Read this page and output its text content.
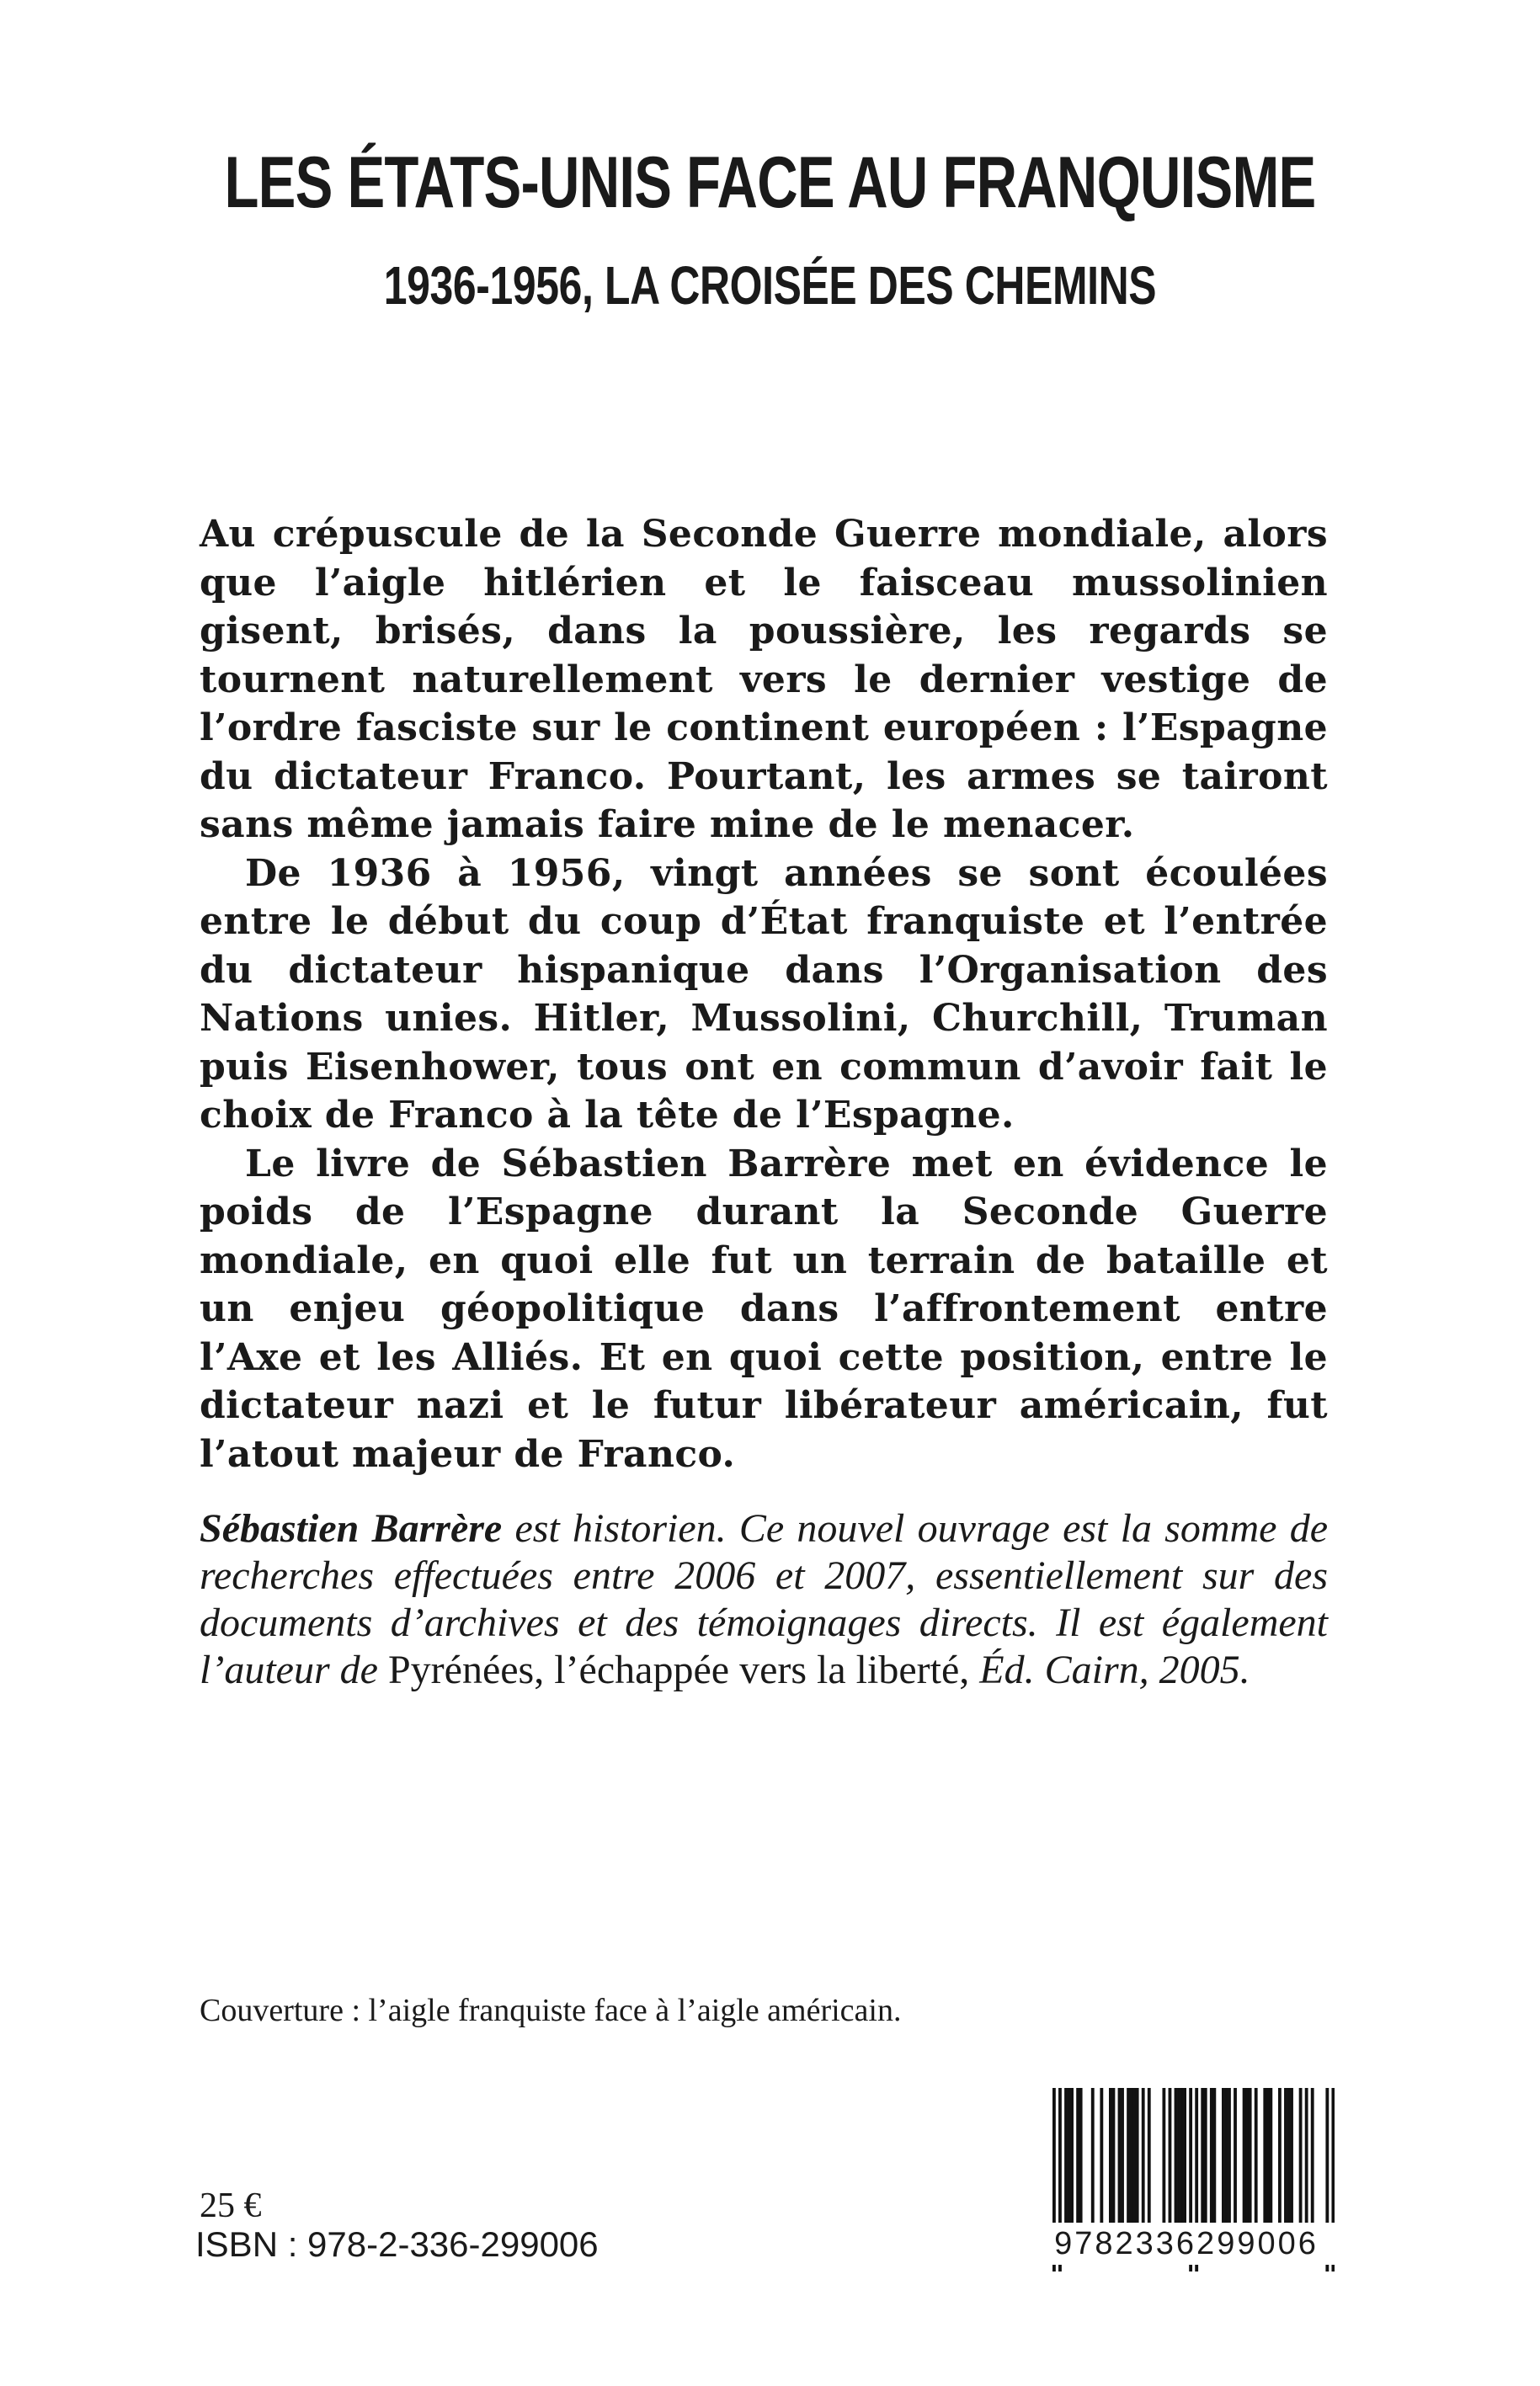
LES ÉTATS-UNIS FACE AU FRANQUISME
1936-1956, LA CROISÉE DES CHEMINS

Au crépuscule de la Seconde Guerre mondiale, alors que l’aigle hitlérien et le faisceau mussolinien gisent, brisés, dans la poussière, les regards se tournent naturellement vers le dernier vestige de l’ordre fasciste sur le continent européen : l’Espagne du dictateur Franco. Pourtant, les armes se tairont sans même jamais faire mine de le menacer.

De 1936 à 1956, vingt années se sont écoulées entre le début du coup d’État franquiste et l’entrée du dictateur hispanique dans l’Organisation des Nations unies. Hitler, Mussolini, Churchill, Truman puis Eisenhower, tous ont en commun d’avoir fait le choix de Franco à la tête de l’Espagne.

Le livre de Sébastien Barrère met en évidence le poids de l’Espagne durant la Seconde Guerre mondiale, en quoi elle fut un terrain de bataille et un enjeu géopolitique dans l’affrontement entre l’Axe et les Alliés. Et en quoi cette position, entre le dictateur nazi et le futur libérateur américain, fut l’atout majeur de Franco.

Sébastien Barrère est historien. Ce nouvel ouvrage est la somme de recherches effectuées entre 2006 et 2007, essentiellement sur des documents d’archives et des témoignages directs. Il est également l’auteur de Pyrénées, l’échappée vers la liberté, Éd. Cairn, 2005.

Couverture : l’aigle franquiste face à l’aigle américain.
25 €
ISBN : 978-2-336-299006	9782336299006
